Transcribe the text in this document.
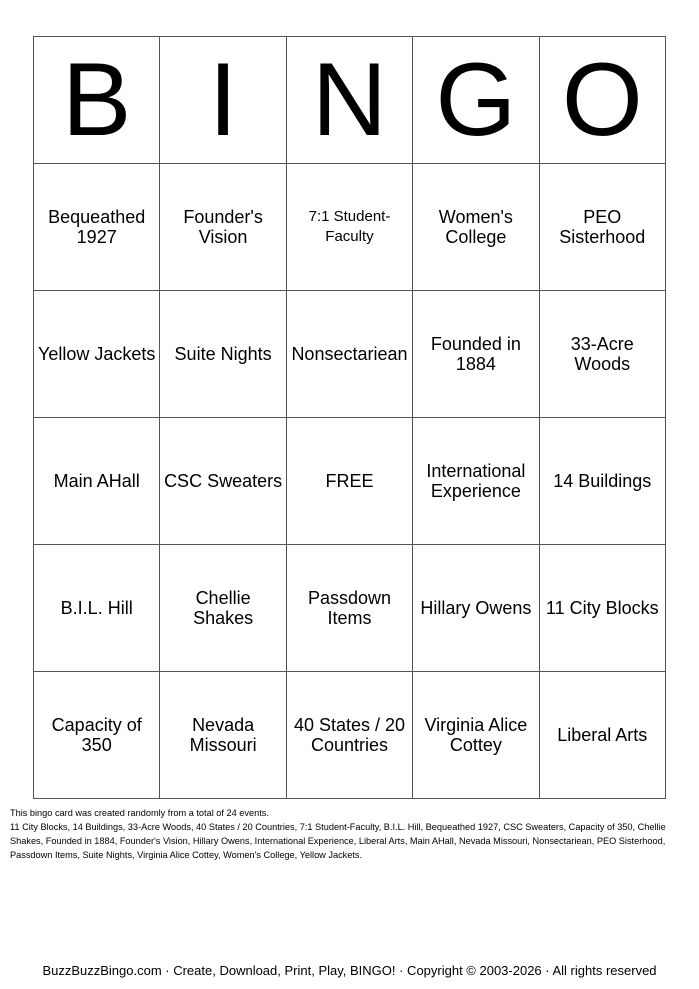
B	I	N	G	O
Bequeathed 1927	Founder's Vision	7:1 Student-Faculty	Women's College	PEO Sisterhood
Yellow Jackets	Suite Nights	Nonsectariean	Founded in 1884	33-Acre Woods
Main AHall	CSC Sweaters	FREE	International Experience	14 Buildings
B.I.L. Hill	Chellie Shakes	Passdown Items	Hillary Owens	11 City Blocks
Capacity of 350	Nevada Missouri	40 States / 20 Countries	Virginia Alice Cottey	Liberal Arts

This bingo card was created randomly from a total of 24 events.

11 City Blocks, 14 Buildings, 33-Acre Woods, 40 States / 20 Countries, 7:1 Student-Faculty, B.I.L. Hill, Bequeathed 1927, CSC Sweaters, Capacity of 350, Chellie Shakes, Founded in 1884, Founder's Vision, Hillary Owens, International Experience, Liberal Arts, Main AHall, Nevada Missouri, Nonsectariean, PEO Sisterhood, Passdown Items, Suite Nights, Virginia Alice Cottey, Women's College, Yellow Jackets.

BuzzBuzzBingo.com · Create, Download, Print, Play, BINGO! · Copyright © 2003-2026 · All rights reserved
